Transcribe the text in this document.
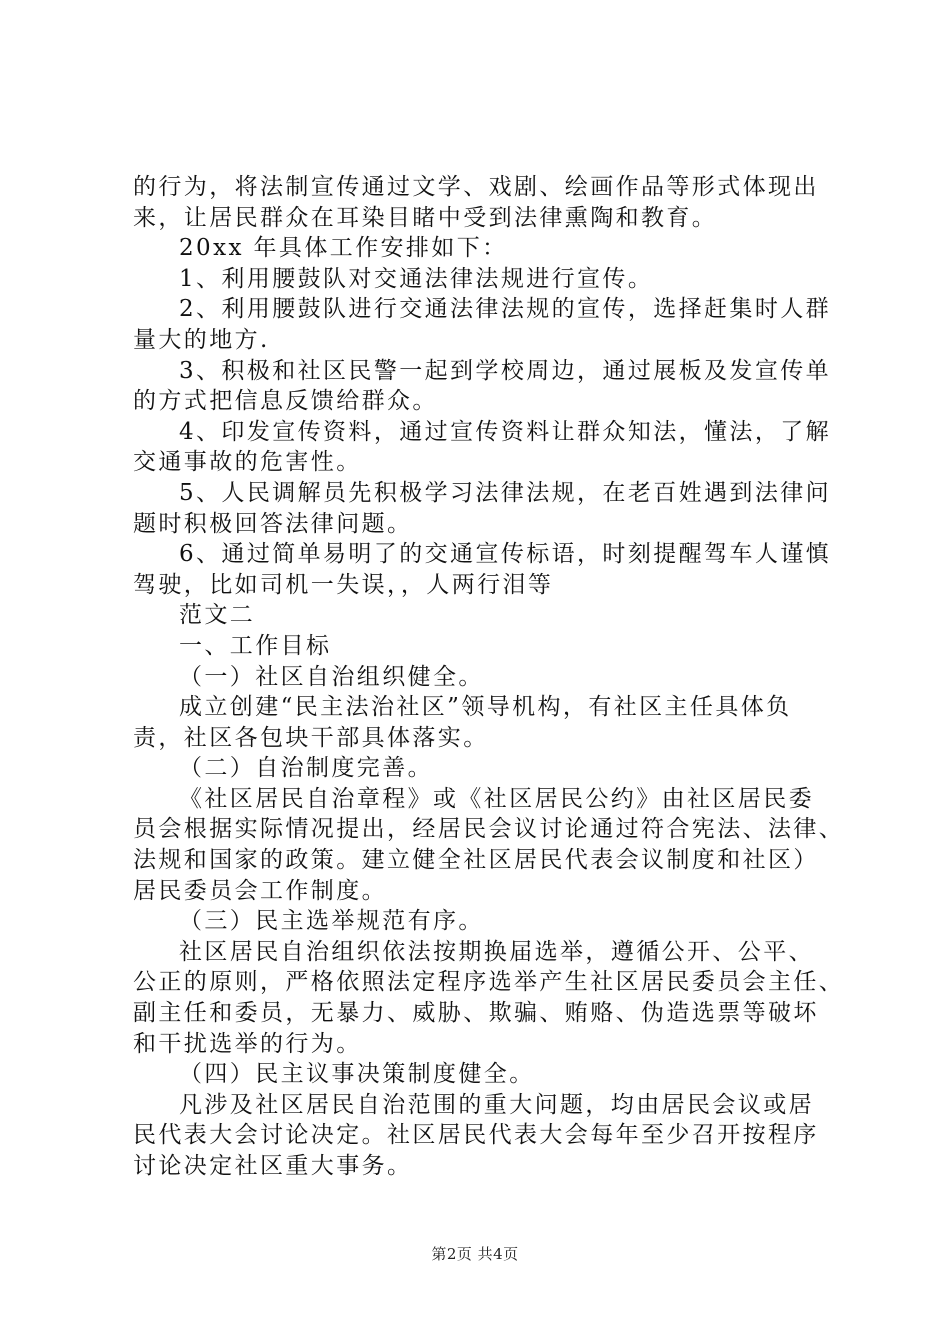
的行为，将法制宣传通过文学、戏剧、绘画作品等形式体现出
来，让居民群众在耳染目睹中受到法律熏陶和教育。
20xx 年具体工作安排如下：
1、利用腰鼓队对交通法律法规进行宣传。
2、利用腰鼓队进行交通法律法规的宣传，选择赶集时人群
量大的地方.
3、积极和社区民警一起到学校周边，通过展板及发宣传单
的方式把信息反馈给群众。
4、印发宣传资料，通过宣传资料让群众知法，懂法，了解
交通事故的危害性。
5、人民调解员先积极学习法律法规，在老百姓遇到法律问
题时积极回答法律问题。
6、通过简单易明了的交通宣传标语，时刻提醒驾车人谨慎
驾驶，比如司机一失误，，人两行泪等
范文二
一、工作目标
（一）社区自治组织健全。
成立创建“民主法治社区”领导机构，有社区主任具体负
责，社区各包块干部具体落实。
（二）自治制度完善。
《社区居民自治章程》或《社区居民公约》由社区居民委
员会根据实际情况提出，经居民会议讨论通过符合宪法、法律、
法规和国家的政策。建立健全社区居民代表会议制度和社区）
居民委员会工作制度。
（三）民主选举规范有序。
社区居民自治组织依法按期换届选举，遵循公开、公平、
公正的原则，严格依照法定程序选举产生社区居民委员会主任、
副主任和委员，无暴力、威胁、欺骗、贿赂、伪造选票等破坏
和干扰选举的行为。
（四）民主议事决策制度健全。
凡涉及社区居民自治范围的重大问题，均由居民会议或居
民代表大会讨论决定。社区居民代表大会每年至少召开按程序
讨论决定社区重大事务。
第2页 共4页
